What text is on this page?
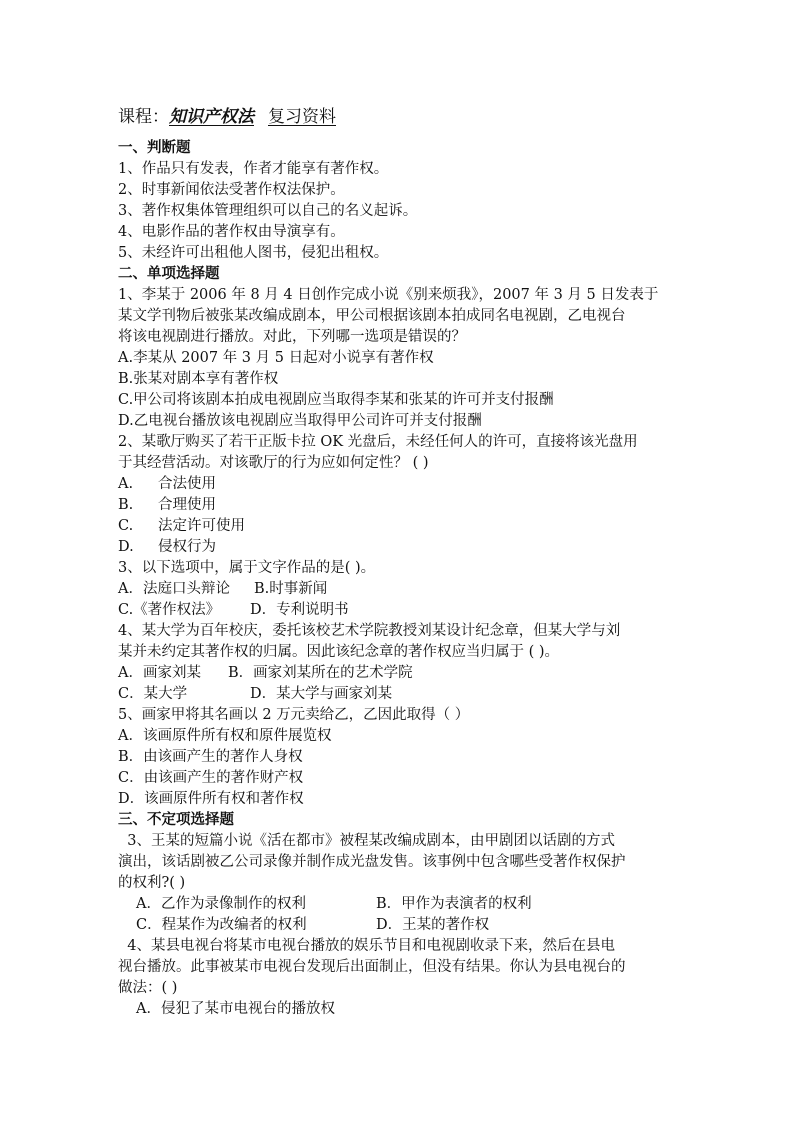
课程：知识产权法 复习资料
一、判断题
1、作品只有发表，作者才能享有著作权。
2、时事新闻依法受著作权法保护。
3、著作权集体管理组织可以自己的名义起诉。
4、电影作品的著作权由导演享有。
5、未经许可出租他人图书，侵犯出租权。
二、单项选择题
1、李某于 2006 年 8 月 4 日创作完成小说《别来烦我》，2007 年 3 月 5 日发表于
某文学刊物后被张某改编成剧本，甲公司根据该剧本拍成同名电视剧，乙电视台
将该电视剧进行播放。对此，下列哪一选项是错误的？
A.李某从 2007 年 3 月 5 日起对小说享有著作权
B.张某对剧本享有著作权
C.甲公司将该剧本拍成电视剧应当取得李某和张某的许可并支付报酬
D.乙电视台播放该电视剧应当取得甲公司许可并支付报酬
2、某歌厅购买了若干正版卡拉 OK 光盘后，未经任何人的许可，直接将该光盘用
于其经营活动。对该歌厅的行为应如何定性？ ( )
A. 合法使用
B. 合理使用
C. 法定许可使用
D. 侵权行为
3、以下选项中，属于文字作品的是( )。
A．法庭口头辩论 B.时事新闻
C.《著作权法》 D．专利说明书
4、某大学为百年校庆，委托该校艺术学院教授刘某设计纪念章，但某大学与刘
某并未约定其著作权的归属。因此该纪念章的著作权应当归属于 ( )。
A．画家刘某 B．画家刘某所在的艺术学院
C．某大学	D．某大学与画家刘某
5、画家甲将其名画以 2 万元卖给乙，乙因此取得（ ）
A．该画原件所有权和原件展览权
B．由该画产生的著作人身权
C．由该画产生的著作财产权
D．该画原件所有权和著作权
三、不定项选择题
3、王某的短篇小说《活在都市》被程某改编成剧本，由甲剧团以话剧的方式
演出，该话剧被乙公司录像并制作成光盘发售。该事例中包含哪些受著作权保护
的权利?( )
A．乙作为录像制作的权利	B．甲作为表演者的权利
C．程某作为改编者的权利	D．王某的著作权
4、某县电视台将某市电视台播放的娱乐节目和电视剧收录下来，然后在县电
视台播放。此事被某市电视台发现后出面制止，但没有结果。你认为县电视台的
做法：( )
A．侵犯了某市电视台的播放权
